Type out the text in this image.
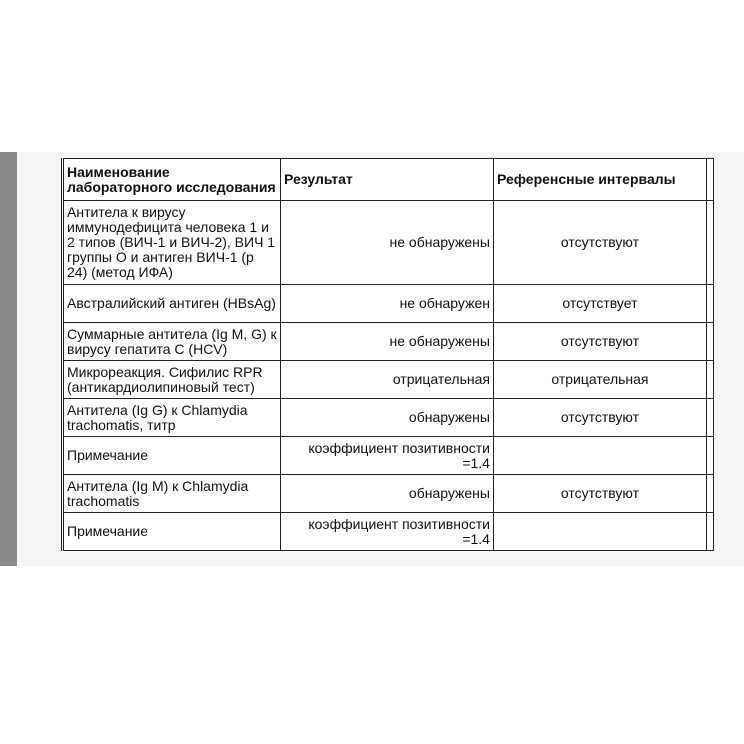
Наименование лабораторного исследования	Результат	Референсные интервалы	
Антитела к вирусу иммунодефицита человека 1 и 2 типов (ВИЧ-1 и ВИЧ-2), ВИЧ 1 группы О и антиген ВИЧ-1 (р 24) (метод ИФА)	не обнаружены	отсутствуют	
Австралийский антиген (HBsAg)	не обнаружен	отсутствует	
Суммарные антитела (Ig M, G) к вирусу гепатита С (HCV)	не обнаружены	отсутствуют	
Микрореакция. Сифилис RPR (антикардиолипиновый тест)	отрицательная	отрицательная	
Антитела (Ig G) к Chlamydia trachomatis, титр	обнаружены	отсутствуют	
Примечание	коэффициент позитивности =1.4		
Антитела (Ig M) к Chlamydia trachomatis	обнаружены	отсутствуют	
Примечание	коэффициент позитивности =1.4		
